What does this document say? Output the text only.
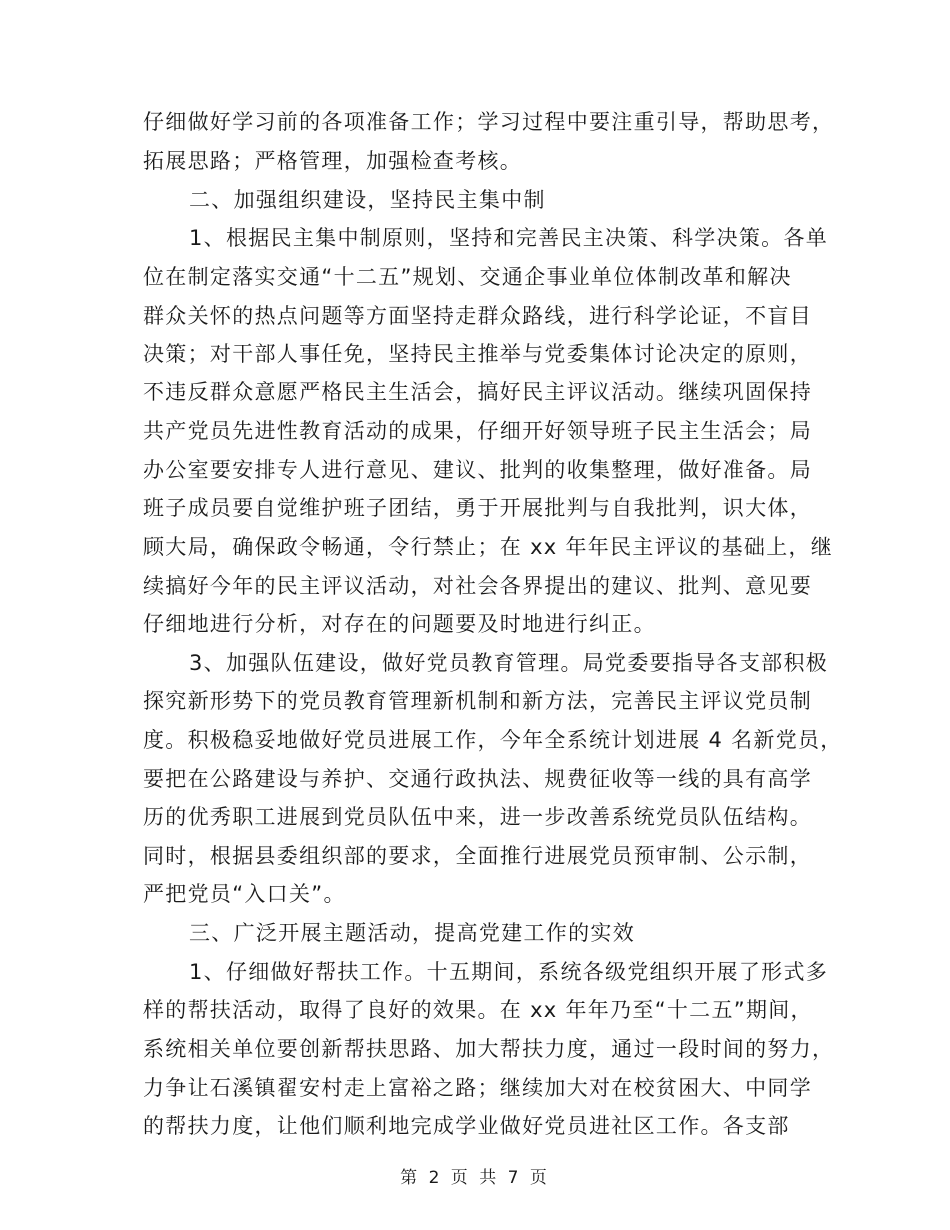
仔细做好学习前的各项准备工作；学习过程中要注重引导，帮助思考，
拓展思路；严格管理，加强检查考核。
二、加强组织建设，坚持民主集中制
1、根据民主集中制原则，坚持和完善民主决策、科学决策。各单
位在制定落实交通“十二五”规划、交通企事业单位体制改革和解决
群众关怀的热点问题等方面坚持走群众路线，进行科学论证，不盲目
决策；对干部人事任免，坚持民主推举与党委集体讨论决定的原则，
不违反群众意愿严格民主生活会，搞好民主评议活动。继续巩固保持
共产党员先进性教育活动的成果，仔细开好领导班子民主生活会；局
办公室要安排专人进行意见、建议、批判的收集整理，做好准备。局
班子成员要自觉维护班子团结，勇于开展批判与自我批判，识大体，
顾大局，确保政令畅通，令行禁止；在 xx 年年民主评议的基础上，继
续搞好今年的民主评议活动，对社会各界提出的建议、批判、意见要
仔细地进行分析，对存在的问题要及时地进行纠正。
3、加强队伍建设，做好党员教育管理。局党委要指导各支部积极
探究新形势下的党员教育管理新机制和新方法，完善民主评议党员制
度。积极稳妥地做好党员进展工作，今年全系统计划进展 4 名新党员，
要把在公路建设与养护、交通行政执法、规费征收等一线的具有高学
历的优秀职工进展到党员队伍中来，进一步改善系统党员队伍结构。
同时，根据县委组织部的要求，全面推行进展党员预审制、公示制，
严把党员“入口关”。
三、广泛开展主题活动，提高党建工作的实效
1、仔细做好帮扶工作。十五期间，系统各级党组织开展了形式多
样的帮扶活动，取得了良好的效果。在 xx 年年乃至“十二五”期间，
系统相关单位要创新帮扶思路、加大帮扶力度，通过一段时间的努力，
力争让石溪镇翟安村走上富裕之路；继续加大对在校贫困大、中同学
的帮扶力度，让他们顺利地完成学业做好党员进社区工作。各支部
第 2 页 共 7 页
